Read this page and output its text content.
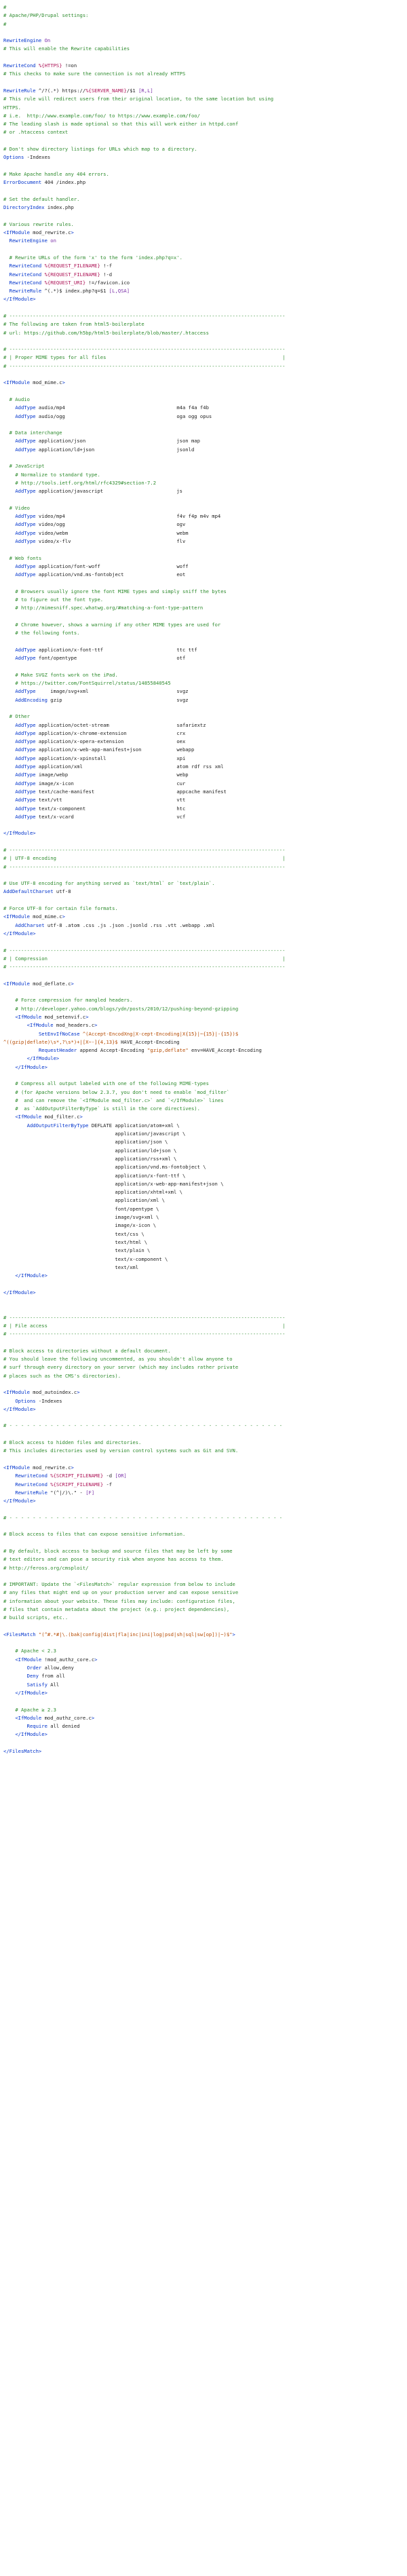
#
# Apache/PHP/Drupal settings:
#

RewriteEngine On
# This will enable the Rewrite capabilities

RewriteCond %{HTTPS} !=on
# This checks to make sure the connection is not already HTTPS

RewriteRule ^/?(.*) https://%{SERVER_NAME}/$1 [R,L]
# This rule will redirect users from their original location, to the same location but using
HTTPS.
# i.e.  http://www.example.com/foo/ to https://www.example.com/foo/
# The leading slash is made optional so that this will work either in httpd.conf
# or .htaccess context

# Don't show directory listings for URLs which map to a directory.
Options -Indexes

# Make Apache handle any 404 errors.
ErrorDocument 404 /index.php

# Set the default handler.
DirectoryIndex index.php

# Various rewrite rules.
<IfModule mod_rewrite.c>
RewriteEngine on

# Rewrite URLs of the form 'x' to the form 'index.php?q=x'.
RewriteCond %{REQUEST_FILENAME} !-f
RewriteCond %{REQUEST_FILENAME} !-d
RewriteCond %{REQUEST_URI} !=/favicon.ico
RewriteRule ^(.*)$ index.php?q=$1 [L,QSA]
</IfModule>

# ----------------------------------------------------------------------------------------------
# The following are taken from html5-boilerplate
# url: https://github.com/h5bp/html5-boilerplate/blob/master/.htaccess

# ----------------------------------------------------------------------------------------------
# | Proper MIME types for all files                                                            |
# ----------------------------------------------------------------------------------------------

<IfModule mod_mime.c>

# Audio
AddType audio/mp4                                      m4a f4a f4b
AddType audio/ogg                                      oga ogg opus

# Data interchange
AddType application/json                               json map
AddType application/ld+json                            jsonld

# JavaScript
# Normalize to standard type.
# http://tools.ietf.org/html/rfc4329#section-7.2
AddType application/javascript                         js

# Video
AddType video/mp4                                      f4v f4p m4v mp4
AddType video/ogg                                      ogv
AddType video/webm                                     webm
AddType video/x-flv                                    flv

# Web fonts
AddType application/font-woff                          woff
AddType application/vnd.ms-fontobject                  eot

# Browsers usually ignore the font MIME types and simply sniff the bytes
# to figure out the font type.
# http://mimesniff.spec.whatwg.org/#matching-a-font-type-pattern

# Chrome however, shows a warning if any other MIME types are used for
# the following fonts.

AddType application/x-font-ttf                         ttc ttf
AddType font/opentype                                  otf

# Make SVGZ fonts work on the iPad.
# https://twitter.com/FontSquirrel/status/14855840545
AddType     image/svg+xml                              svgz
AddEncoding gzip                                       svgz

# Other
AddType application/octet-stream                       safariextz
AddType application/x-chrome-extension                 crx
AddType application/x-opera-extension                  oex
AddType application/x-web-app-manifest+json            webapp
AddType application/x-xpinstall                        xpi
AddType application/xml                                atom rdf rss xml
AddType image/webp                                     webp
AddType image/x-icon                                   cur
AddType text/cache-manifest                            appcache manifest
AddType text/vtt                                       vtt
AddType text/x-component                               htc
AddType text/x-vcard                                   vcf

</IfModule>

# ----------------------------------------------------------------------------------------------
# | UTF-8 encoding                                                                             |
# ----------------------------------------------------------------------------------------------

# Use UTF-8 encoding for anything served as `text/html` or `text/plain`.
AddDefaultCharset utf-8

# Force UTF-8 for certain file formats.
<IfModule mod_mime.c>
AddCharset utf-8 .atom .css .js .json .jsonld .rss .vtt .webapp .xml
</IfModule>

# ----------------------------------------------------------------------------------------------
# | Compression                                                                                |
# ----------------------------------------------------------------------------------------------

<IfModule mod_deflate.c>

# Force compression for mangled headers.
# http://developer.yahoo.com/blogs/ydn/posts/2010/12/pushing-beyond-gzipping
<IfModule mod_setenvif.c>
<IfModule mod_headers.c>
SetEnvIfNoCase ^(Accept-EncodXng|X-cept-Encoding|X{15}|~{15}|-{15})$
^((gzip|deflate)\s*,?\s*)+|[X~-]{4,13}$ HAVE_Accept-Encoding
RequestHeader append Accept-Encoding "gzip,deflate" env=HAVE_Accept-Encoding
</IfModule>
</IfModule>

# Compress all output labeled with one of the following MIME-types
# (for Apache versions below 2.3.7, you don't need to enable `mod_filter`
#  and can remove the `<IfModule mod_filter.c>` and `</IfModule>` lines
#  as `AddOutputFilterByType` is still in the core directives).
<IfModule mod_filter.c>
AddOutputFilterByType DEFLATE application/atom+xml \
application/javascript \
application/json \
application/ld+json \
application/rss+xml \
application/vnd.ms-fontobject \
application/x-font-ttf \
application/x-web-app-manifest+json \
application/xhtml+xml \
application/xml \
font/opentype \
image/svg+xml \
image/x-icon \
text/css \
text/html \
text/plain \
text/x-component \
text/xml
</IfModule>

</IfModule>

# ----------------------------------------------------------------------------------------------
# | File access                                                                                |
# ----------------------------------------------------------------------------------------------

# Block access to directories without a default document.
# You should leave the following uncommented, as you shouldn't allow anyone to
# surf through every directory on your server (which may includes rather private
# places such as the CMS's directories).

<IfModule mod_autoindex.c>
Options -Indexes
</IfModule>

# - - - - - - - - - - - - - - - - - - - - - - - - - - - - - - - - - - - - - - - - - - - - - - -

# Block access to hidden files and directories.
# This includes directories used by version control systems such as Git and SVN.

<IfModule mod_rewrite.c>
RewriteCond %{SCRIPT_FILENAME} -d [OR]
RewriteCond %{SCRIPT_FILENAME} -f
RewriteRule "(^|/)\." - [F]
</IfModule>

# - - - - - - - - - - - - - - - - - - - - - - - - - - - - - - - - - - - - - - - - - - - - - - -

# Block access to files that can expose sensitive information.

# By default, block access to backup and source files that may be left by some
# text editors and can pose a security risk when anyone has access to them.
# http://feross.org/cmsploit/

# IMPORTANT: Update the `<FilesMatch>` regular expression from below to include
# any files that might end up on your production server and can expose sensitive
# information about your website. These files may include: configuration files,
# files that contain metadata about the project (e.g.: project dependencies),
# build scripts, etc..

<FilesMatch "(^#.*#|\.(bak|config|dist|fla|inc|ini|log|psd|sh|sql|sw[op])|~)$">

# Apache < 2.3
<IfModule !mod_authz_core.c>
Order allow,deny
Deny from all
Satisfy All
</IfModule>

# Apache ≥ 2.3
<IfModule mod_authz_core.c>
Require all denied
</IfModule>

</FilesMatch>
